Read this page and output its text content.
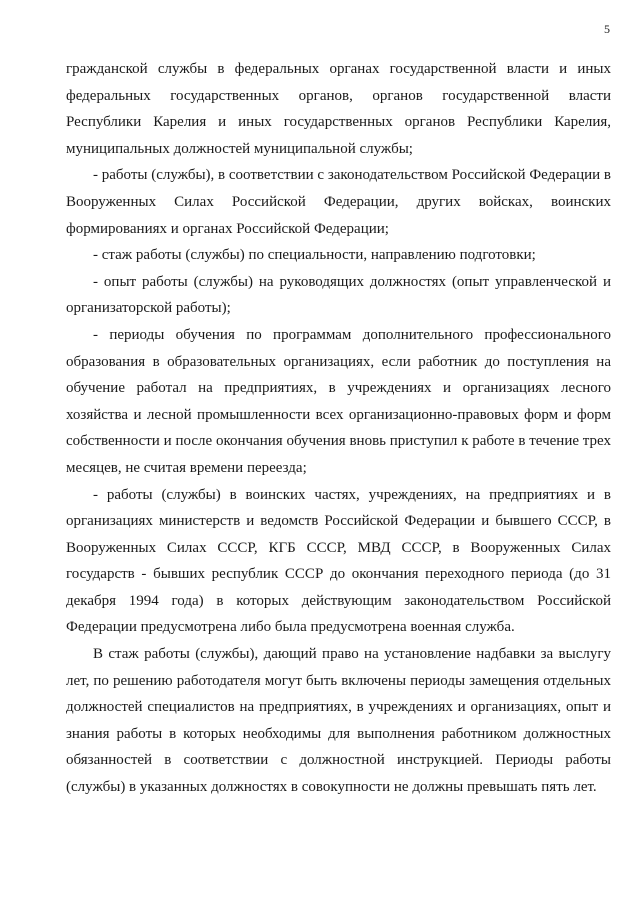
5

гражданской службы в федеральных органах государственной власти и иных федеральных государственных органов, органов государственной власти Республики Карелия и иных государственных органов Республики Карелия, муниципальных должностей муниципальной службы;

- работы (службы), в соответствии с законодательством Российской Федерации в Вооруженных Силах Российской Федерации, других войсках, воинских формированиях и органах Российской Федерации;

- стаж работы (службы) по специальности, направлению подготовки;

- опыт работы (службы) на руководящих должностях (опыт управленческой и организаторской работы);

- периоды обучения по программам дополнительного профессионального образования в образовательных организациях, если работник до поступления на обучение работал на предприятиях, в учреждениях и организациях лесного хозяйства и лесной промышленности всех организационно-правовых форм и форм собственности и после окончания обучения вновь приступил к работе в течение трех месяцев, не считая времени переезда;

- работы (службы) в воинских частях, учреждениях, на предприятиях и в организациях министерств и ведомств Российской Федерации и бывшего СССР, в Вооруженных Силах СССР, КГБ СССР, МВД СССР, в Вооруженных Силах государств - бывших республик СССР до окончания переходного периода (до 31 декабря 1994 года) в которых действующим законодательством Российской Федерации предусмотрена либо была предусмотрена военная служба.

В стаж работы (службы), дающий право на установление надбавки за выслугу лет, по решению работодателя могут быть включены периоды замещения отдельных должностей специалистов на предприятиях, в учреждениях и организациях, опыт и знания работы в которых необходимы для выполнения работником должностных обязанностей в соответствии с должностной инструкцией. Периоды работы (службы) в указанных должностях в совокупности не должны превышать пять лет.
